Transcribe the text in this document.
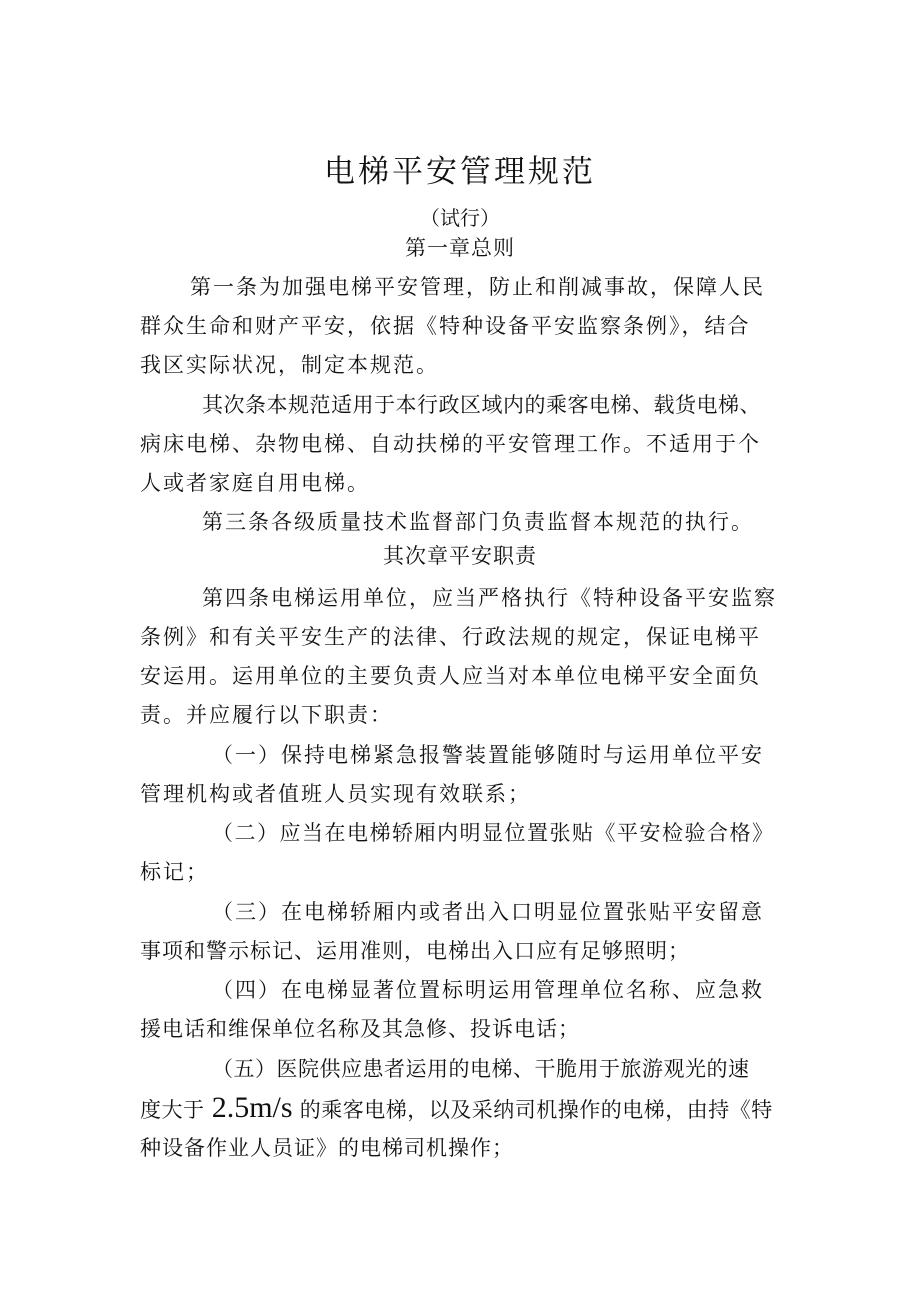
电梯平安管理规范
（试行）
第一章总则
第一条为加强电梯平安管理，防止和削减事故，保障人民
群众生命和财产平安，依据《特种设备平安监察条例》，结合
我区实际状况，制定本规范。
其次条本规范适用于本行政区域内的乘客电梯、载货电梯、
病床电梯、杂物电梯、自动扶梯的平安管理工作。不适用于个
人或者家庭自用电梯。
第三条各级质量技术监督部门负责监督本规范的执行。
其次章平安职责
第四条电梯运用单位，应当严格执行《特种设备平安监察
条例》和有关平安生产的法律、行政法规的规定，保证电梯平
安运用。运用单位的主要负责人应当对本单位电梯平安全面负
责。并应履行以下职责：
（一）保持电梯紧急报警装置能够随时与运用单位平安
管理机构或者值班人员实现有效联系；
（二）应当在电梯轿厢内明显位置张贴《平安检验合格》
标记；
（三）在电梯轿厢内或者出入口明显位置张贴平安留意
事项和警示标记、运用准则，电梯出入口应有足够照明；
（四）在电梯显著位置标明运用管理单位名称、应急救
援电话和维保单位名称及其急修、投诉电话；
（五）医院供应患者运用的电梯、干脆用于旅游观光的速
度大于 2.5m/s 的乘客电梯，以及采纳司机操作的电梯，由持《特
种设备作业人员证》的电梯司机操作；
